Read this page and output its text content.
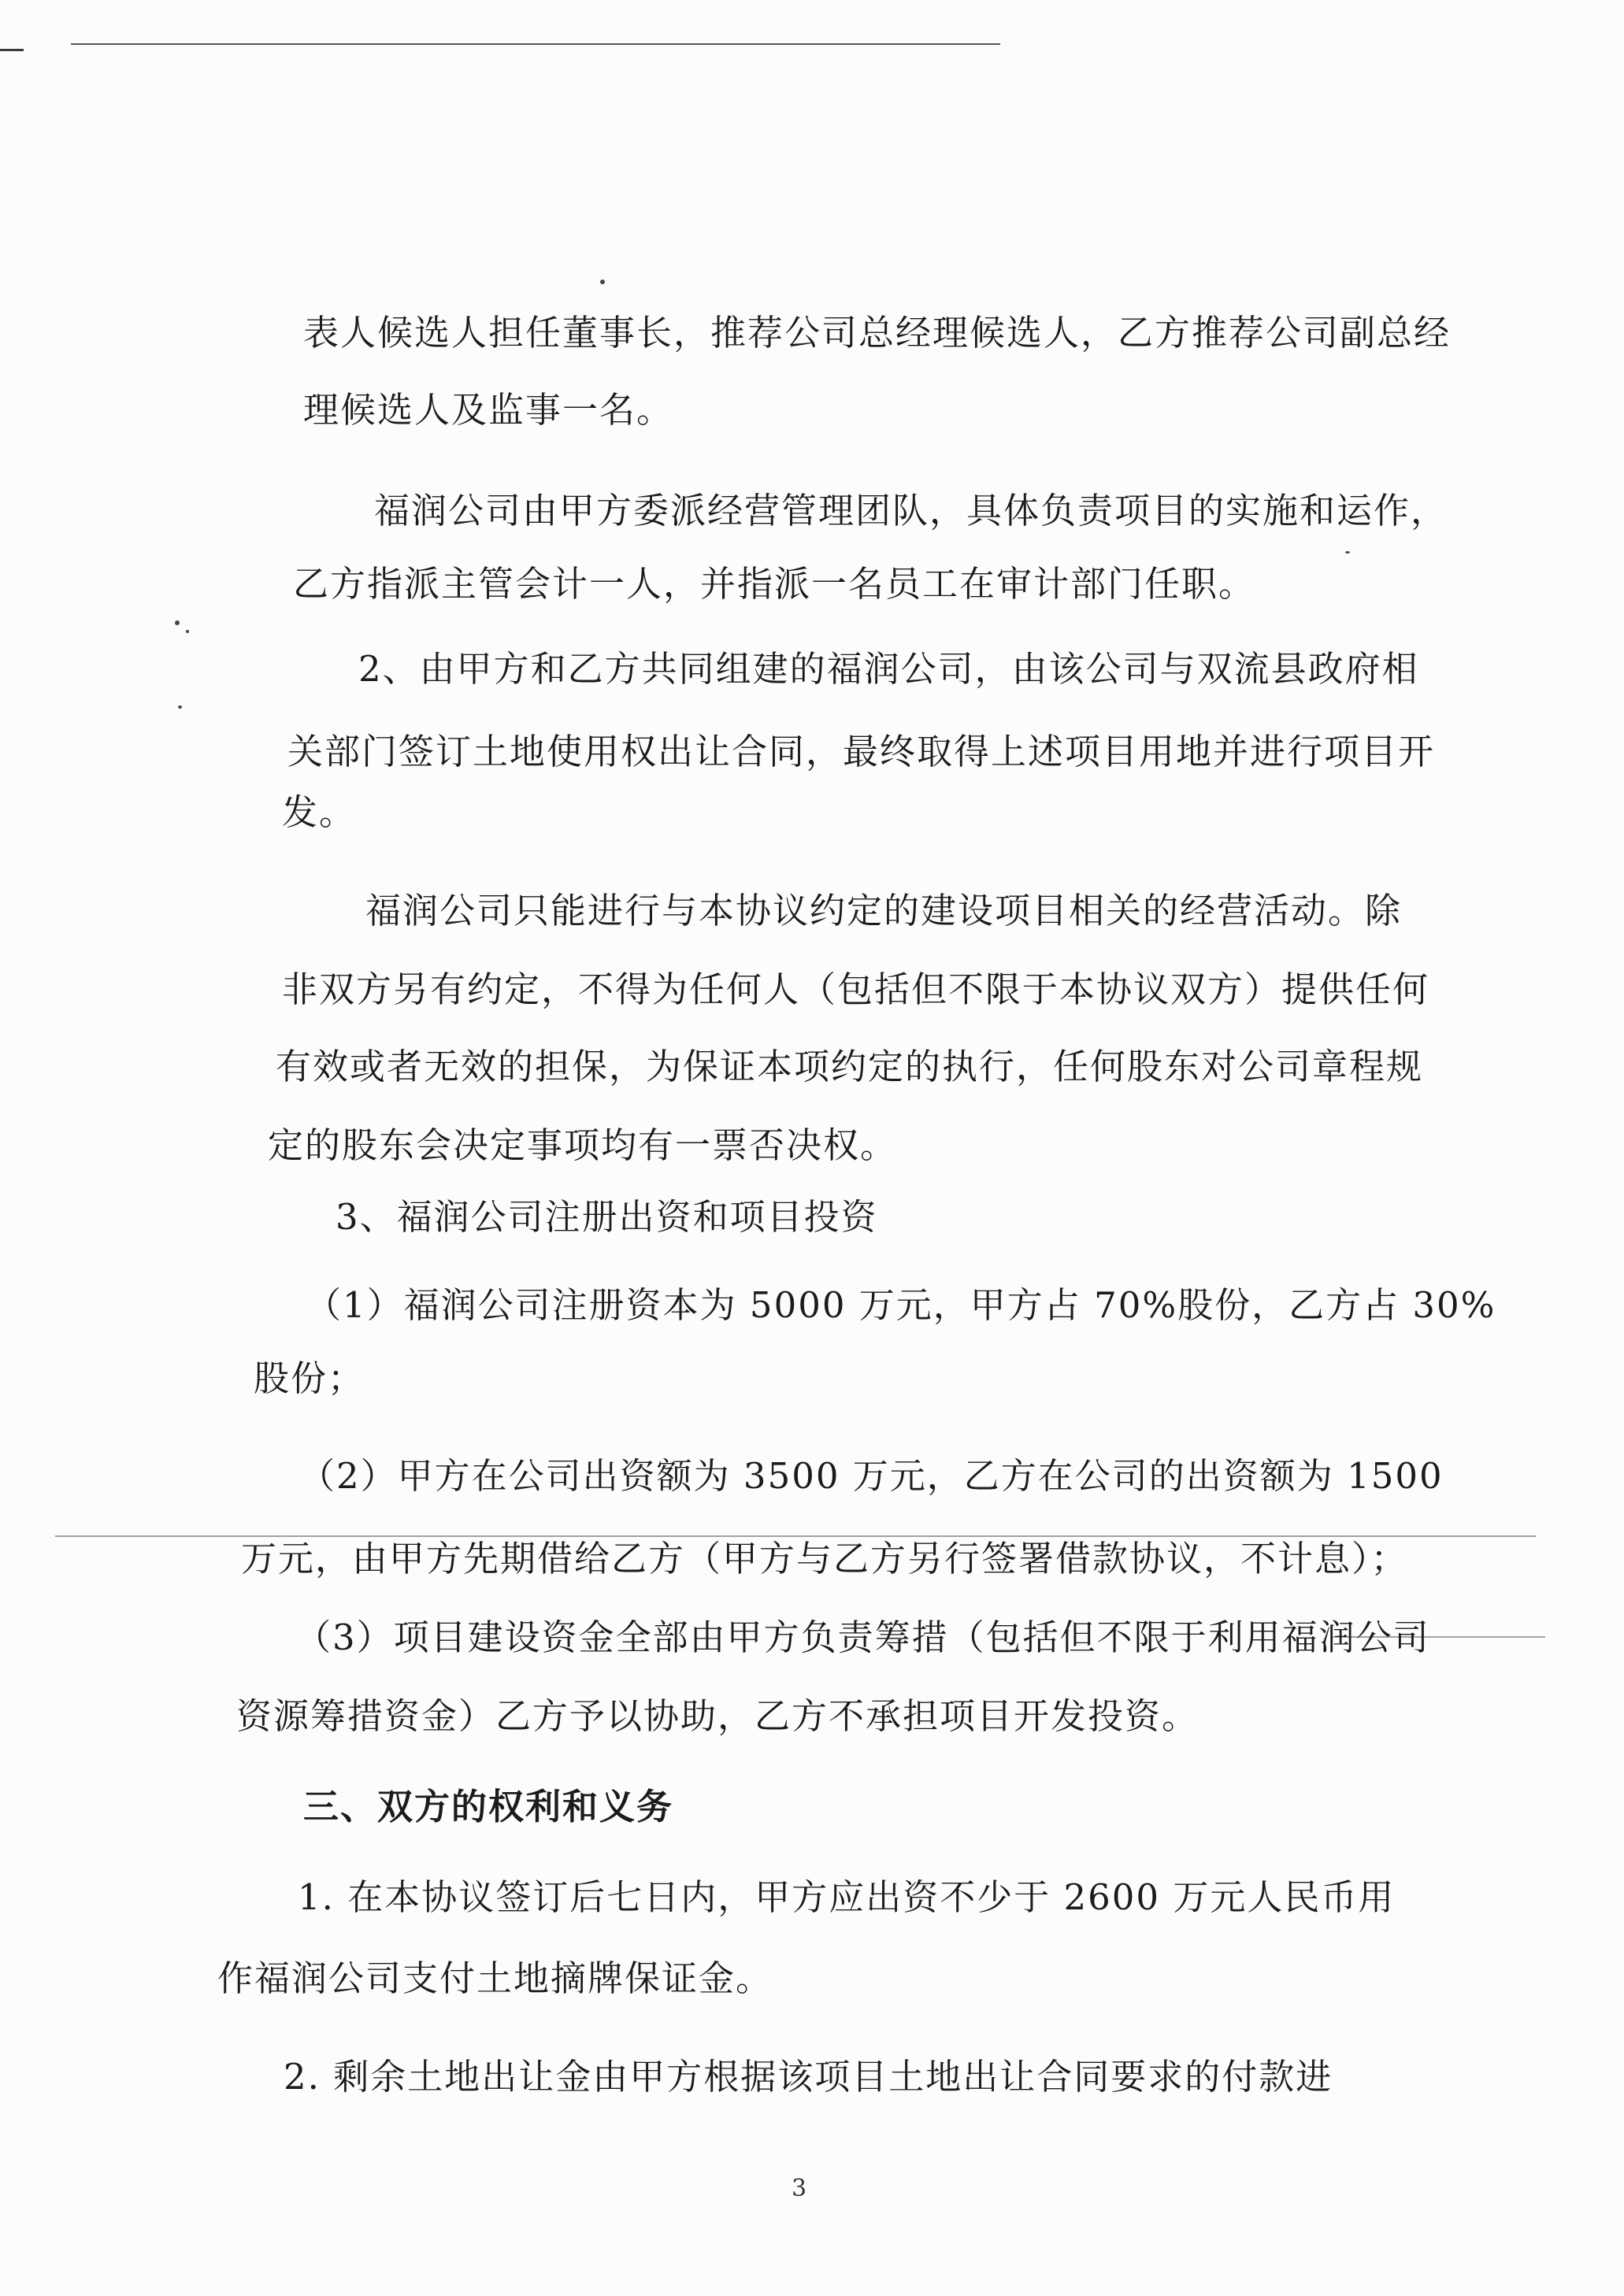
表人候选人担任董事长，推荐公司总经理候选人，乙方推荐公司副总经
理候选人及监事一名。
福润公司由甲方委派经营管理团队，具体负责项目的实施和运作，
乙方指派主管会计一人，并指派一名员工在审计部门任职。
2、由甲方和乙方共同组建的福润公司，由该公司与双流县政府相
关部门签订土地使用权出让合同，最终取得上述项目用地并进行项目开
发。
福润公司只能进行与本协议约定的建设项目相关的经营活动。除
非双方另有约定，不得为任何人（包括但不限于本协议双方）提供任何
有效或者无效的担保，为保证本项约定的执行，任何股东对公司章程规
定的股东会决定事项均有一票否决权。
3、福润公司注册出资和项目投资
（1）福润公司注册资本为 5000 万元，甲方占 70%股份，乙方占 30%
股份；
（2）甲方在公司出资额为 3500 万元，乙方在公司的出资额为 1500
万元，由甲方先期借给乙方（甲方与乙方另行签署借款协议，不计息）；
（3）项目建设资金全部由甲方负责筹措（包括但不限于利用福润公司
资源筹措资金）乙方予以协助，乙方不承担项目开发投资。
三、双方的权利和义务
1. 在本协议签订后七日内，甲方应出资不少于 2600 万元人民币用
作福润公司支付土地摘牌保证金。
2. 剩余土地出让金由甲方根据该项目土地出让合同要求的付款进
3
